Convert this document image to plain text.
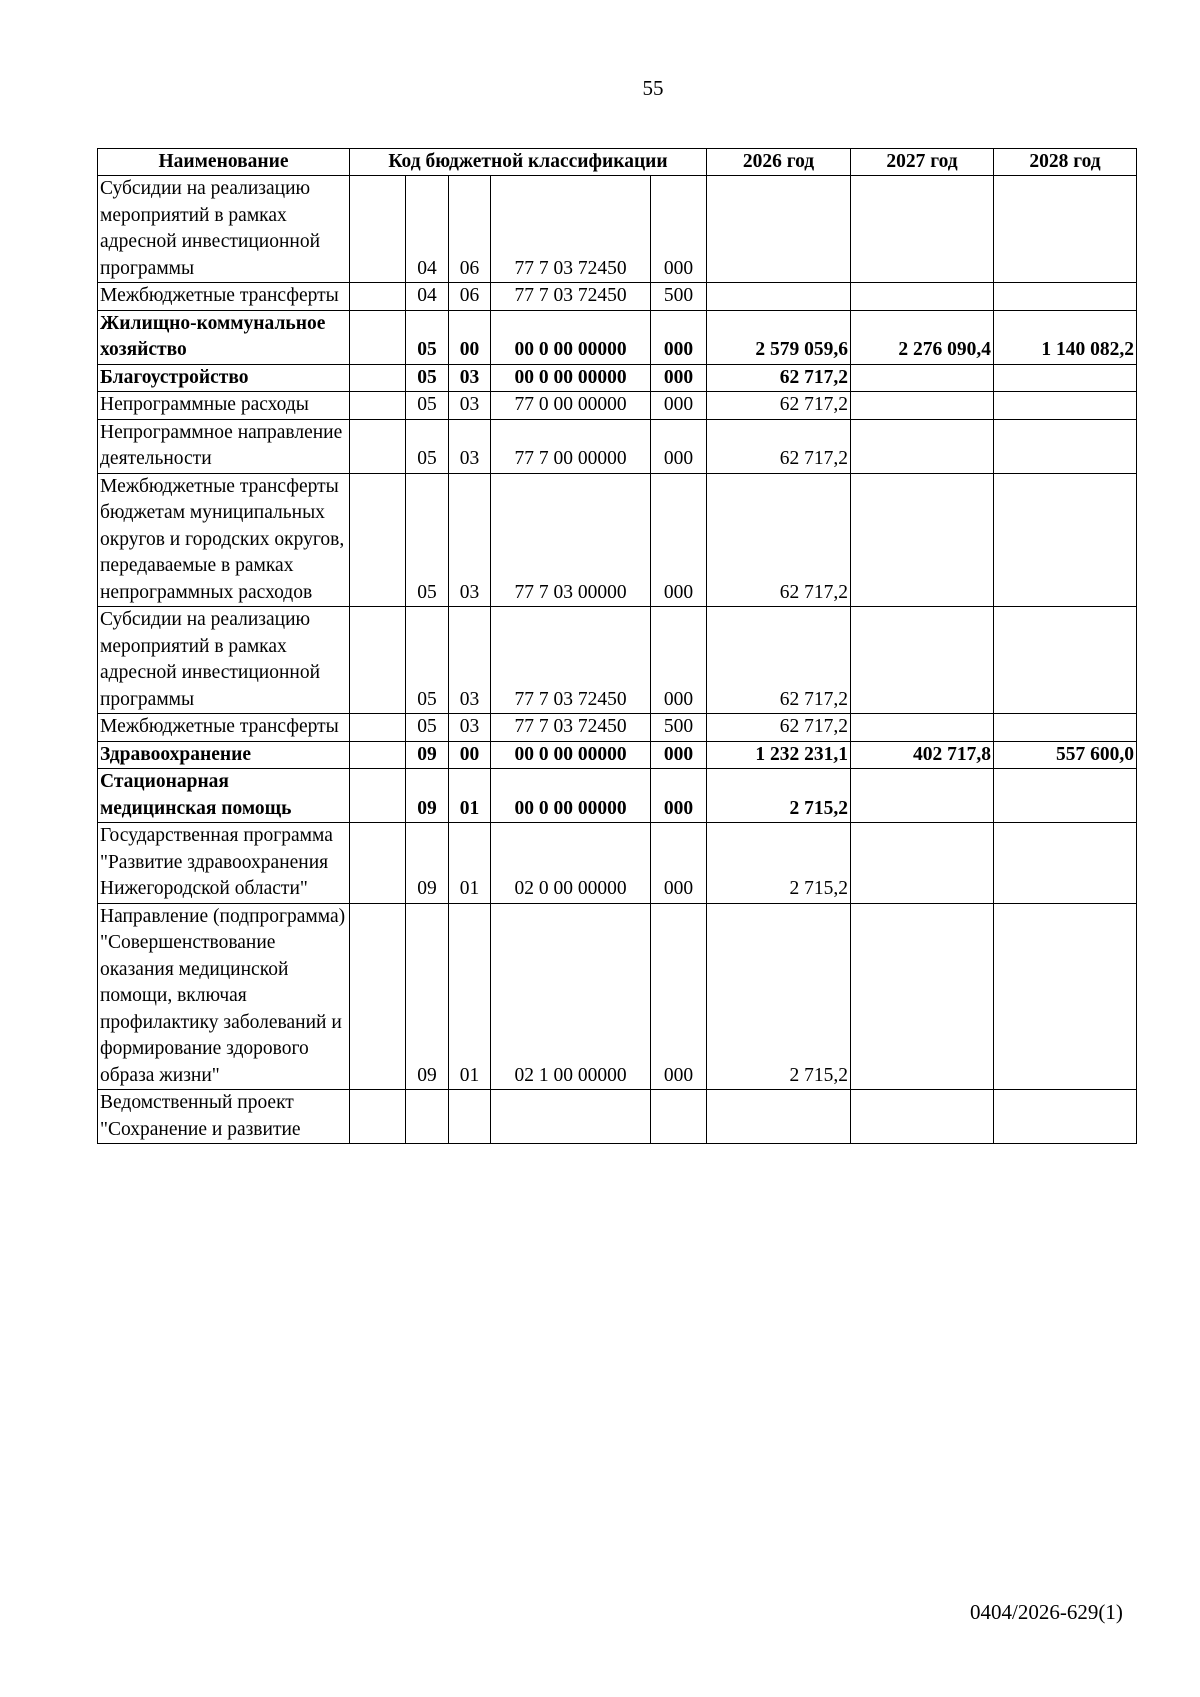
55
Наименование	Код бюджетной классификации					2026 год	2027 год	2028 год
Субсидии на реализацию мероприятий в рамках адресной инвестиционной программы		04	06	77 7 03 72450	000			
Межбюджетные трансферты		04	06	77 7 03 72450	500			
Жилищно-коммунальное хозяйство		05	00	00 0 00 00000	000	2 579 059,6	2 276 090,4	1 140 082,2
Благоустройство		05	03	00 0 00 00000	000	62 717,2		
Непрограммные расходы		05	03	77 0 00 00000	000	62 717,2		
Непрограммное направление деятельности		05	03	77 7 00 00000	000	62 717,2		
Межбюджетные трансферты бюджетам муниципальных округов и городских округов, передаваемые в рамках непрограммных расходов		05	03	77 7 03 00000	000	62 717,2		
Субсидии на реализацию мероприятий в рамках адресной инвестиционной программы		05	03	77 7 03 72450	000	62 717,2		
Межбюджетные трансферты		05	03	77 7 03 72450	500	62 717,2		
Здравоохранение		09	00	00 0 00 00000	000	1 232 231,1	402 717,8	557 600,0
Стационарная медицинская помощь		09	01	00 0 00 00000	000	2 715,2		
Государственная программа "Развитие здравоохранения Нижегородской области"		09	01	02 0 00 00000	000	2 715,2		
Направление (подпрограмма) "Совершенствование оказания медицинской помощи, включая профилактику заболеваний и формирование здорового образа жизни"		09	01	02 1 00 00000	000	2 715,2		
Ведомственный проект "Сохранение и развитие								
0404/2026-629(1)
